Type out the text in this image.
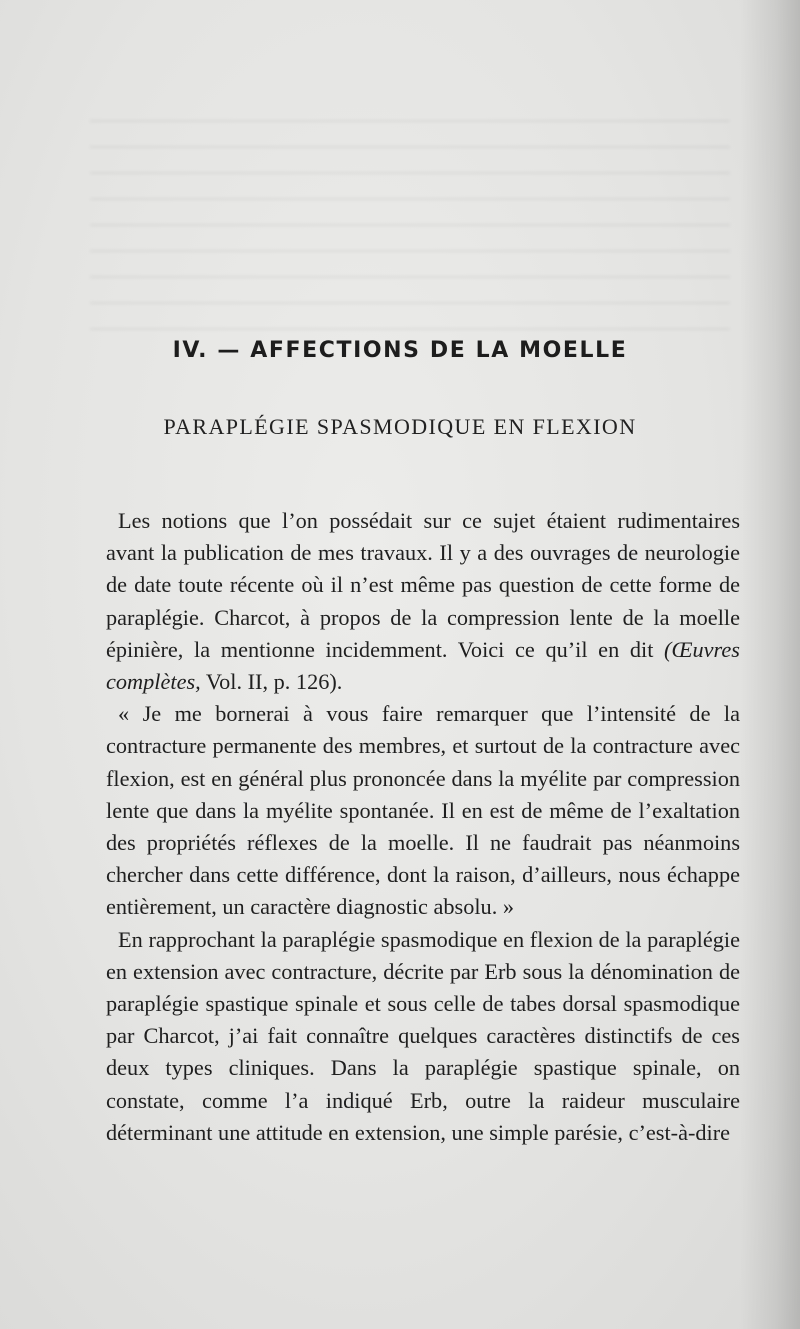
IV. — AFFECTIONS DE LA MOELLE
PARAPLÉGIE SPASMODIQUE EN FLEXION

Les notions que l’on possédait sur ce sujet étaient rudimentaires avant la publication de mes travaux. Il y a des ouvrages de neurologie de date toute récente où il n’est même pas question de cette forme de paraplégie. Charcot, à propos de la compression lente de la moelle épinière, la mentionne incidemment. Voici ce qu’il en dit (Œuvres complètes, Vol. II, p. 126).

« Je me bornerai à vous faire remarquer que l’intensité de la contracture permanente des membres, et surtout de la contracture avec flexion, est en général plus prononcée dans la myélite par compression lente que dans la myélite spontanée. Il en est de même de l’exaltation des propriétés réflexes de la moelle. Il ne faudrait pas néanmoins chercher dans cette différence, dont la raison, d’ailleurs, nous échappe entièrement, un caractère diagnostic absolu. »

En rapprochant la paraplégie spasmodique en flexion de la paraplégie en extension avec contracture, décrite par Erb sous la dénomination de paraplégie spastique spinale et sous celle de tabes dorsal spasmodique par Charcot, j’ai fait connaître quelques caractères distinctifs de ces deux types cliniques. Dans la paraplégie spastique spinale, on constate, comme l’a indiqué Erb, outre la raideur musculaire déterminant une attitude en extension, une simple parésie, c’est-à-dire
